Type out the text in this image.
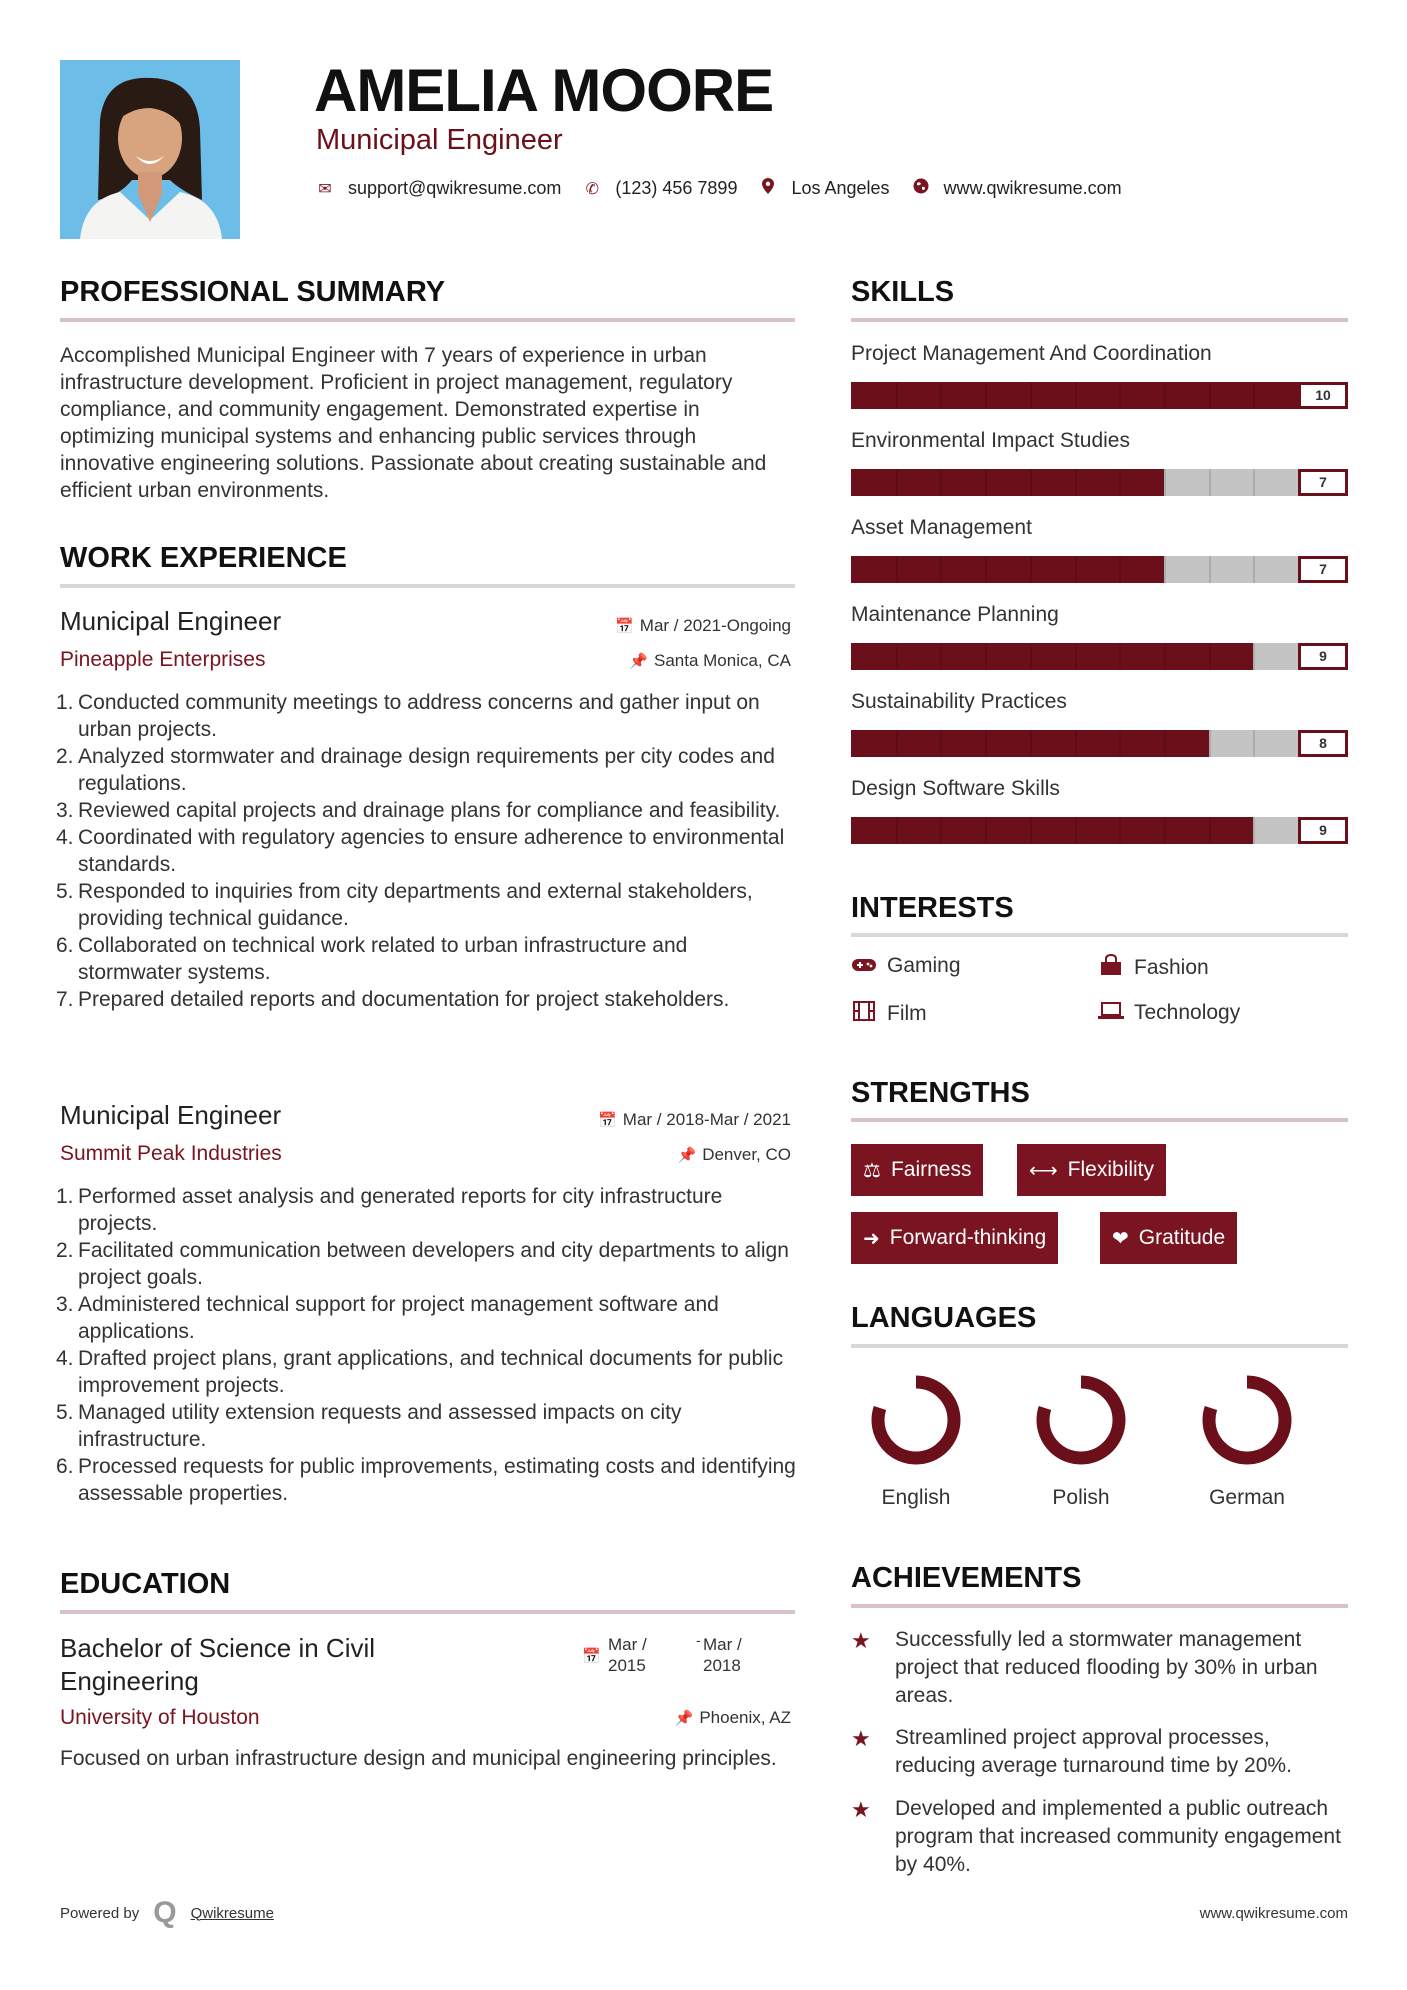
AMELIA MOORE
Municipal Engineer
✉ support@qwikresume.com ✆ (123) 456 7899	Los Angeles	www.qwikresume.com
PROFESSIONAL SUMMARY
Accomplished Municipal Engineer with 7 years of experience in urban infrastructure development. Proficient in project management, regulatory compliance, and community engagement. Demonstrated expertise in optimizing municipal systems and enhancing public services through innovative engineering solutions. Passionate about creating sustainable and efficient urban environments.
WORK EXPERIENCE
Municipal Engineer
Pineapple Enterprises
📅 Mar / 2021-Ongoing
📌 Santa Monica, CA
1. Conducted community meetings to address concerns and gather input on urban projects.
2. Analyzed stormwater and drainage design requirements per city codes and regulations.
3. Reviewed capital projects and drainage plans for compliance and feasibility.
4. Coordinated with regulatory agencies to ensure adherence to environmental standards.
5. Responded to inquiries from city departments and external stakeholders, providing technical guidance.
6. Collaborated on technical work related to urban infrastructure and stormwater systems.
7. Prepared detailed reports and documentation for project stakeholders.
Municipal Engineer
Summit Peak Industries
📅 Mar / 2018-Mar / 2021
📌 Denver, CO
1. Performed asset analysis and generated reports for city infrastructure projects.
2. Facilitated communication between developers and city departments to align project goals.
3. Administered technical support for project management software and applications.
4. Drafted project plans, grant applications, and technical documents for public improvement projects.
5. Managed utility extension requests and assessed impacts on city infrastructure.
6. Processed requests for public improvements, estimating costs and identifying assessable properties.
EDUCATION
Bachelor of Science in Civil Engineering
📅
Mar / 2015
- Mar / 2018
University of Houston	📌 Phoenix, AZ
Focused on urban infrastructure design and municipal engineering principles.
SKILLS
Project Management And Coordination
10
Environmental Impact Studies
7
Asset Management
7
Maintenance Planning
9
Sustainability Practices
8
Design Software Skills
9
INTERESTS
Gaming	Fashion
Film	Technology
STRENGTHS
⚖ Fairness	⟷ Flexibility
➜ Forward-thinking	❤ Gratitude
LANGUAGES
English	Polish	German
ACHIEVEMENTS
★	Successfully led a stormwater management project that reduced flooding by 30% in urban areas.
★	Streamlined project approval processes, reducing average turnaround time by 20%.
★	Developed and implemented a public outreach program that increased community engagement by 40%.
Powered by Q Qwikresume	www.qwikresume.com
